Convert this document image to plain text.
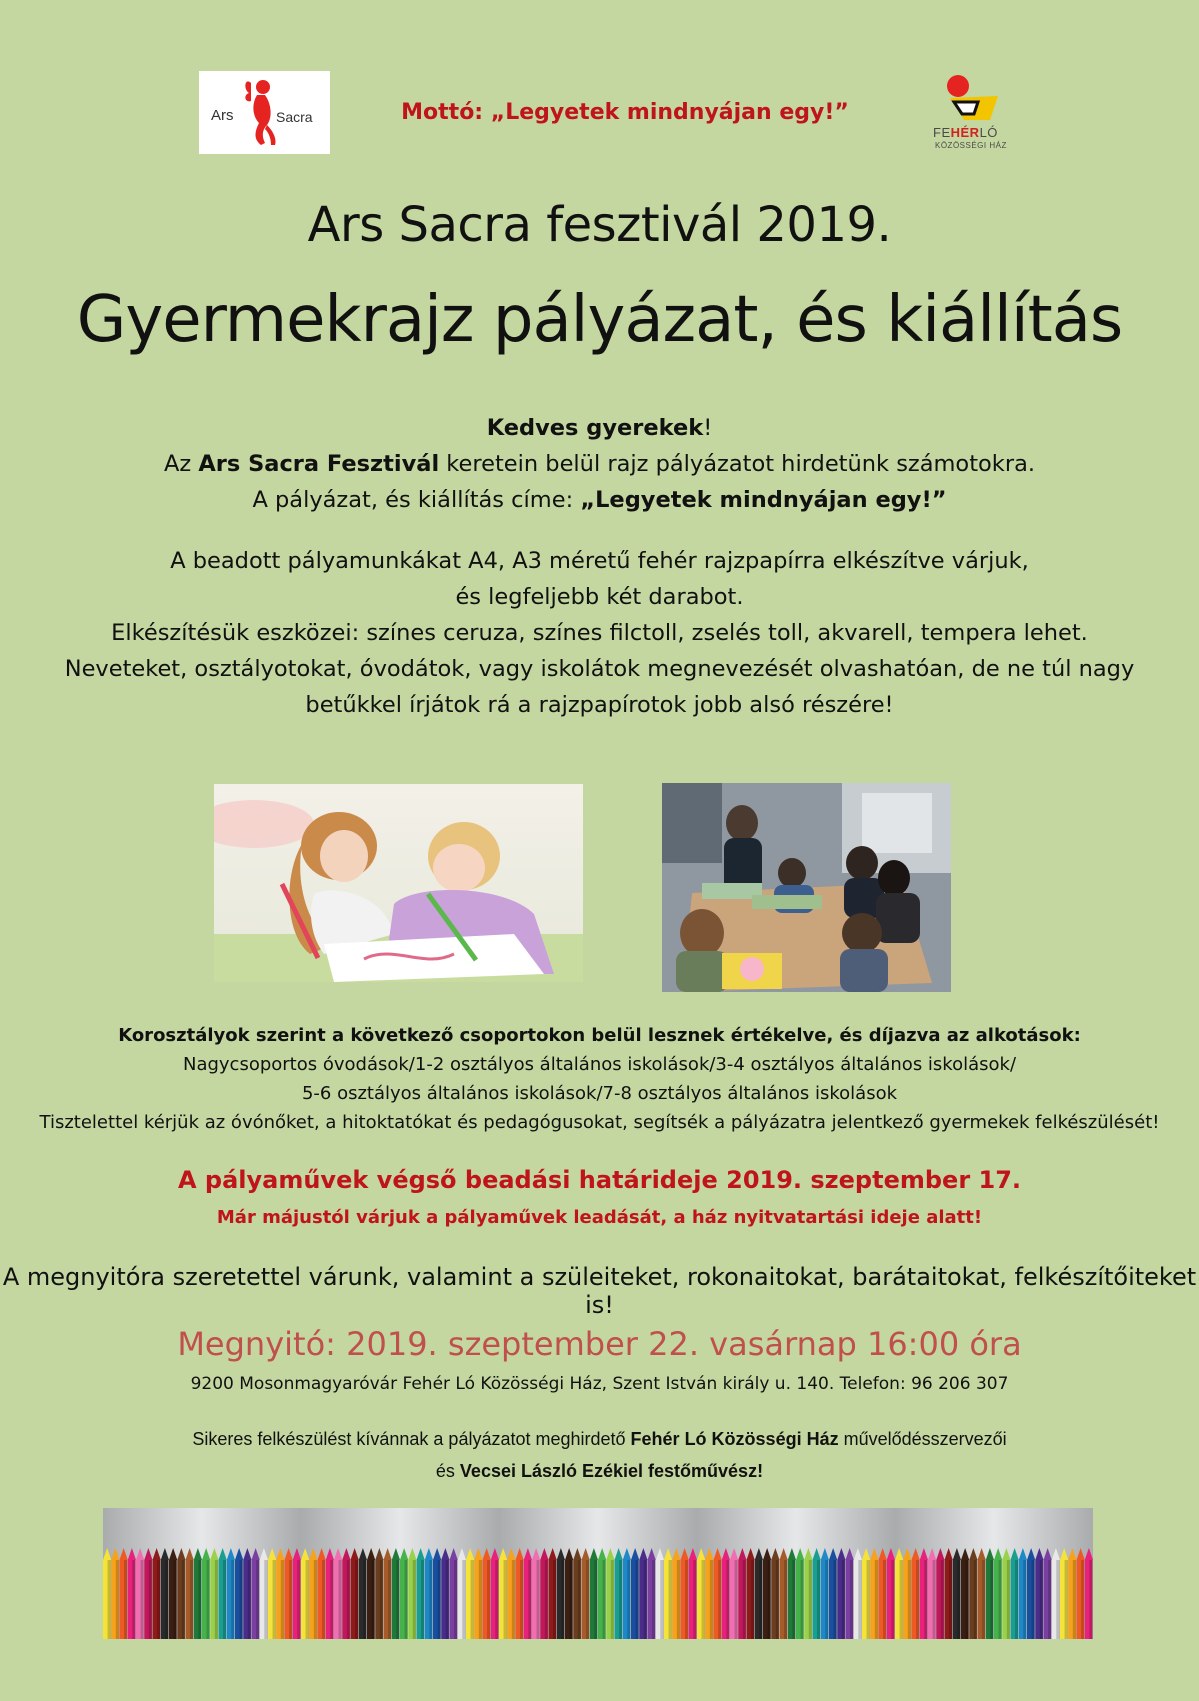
Ars	Sacra	Mottó: „Legyetek mindnyájan egy!”
FEHÉRLÓ
KÖZÖSSÉGI HÁZ
Ars Sacra fesztivál 2019.
Gyermekrajz pályázat, és kiállítás
Kedves gyerekek!
Az Ars Sacra Fesztivál keretein belül rajz pályázatot hirdetünk számotokra.
A pályázat, és kiállítás címe: „Legyetek mindnyájan egy!”
A beadott pályamunkákat A4, A3 méretű fehér rajzpapírra elkészítve várjuk,
és legfeljebb két darabot.
Elkészítésük eszközei: színes ceruza, színes filctoll, zselés toll, akvarell, tempera lehet.
Neveteket, osztályotokat, óvodátok, vagy iskolátok megnevezését olvashatóan, de ne túl nagy
betűkkel írjátok rá a rajzpapírotok jobb alsó részére!
Korosztályok szerint a következő csoportokon belül lesznek értékelve, és díjazva az alkotások:
Nagycsoportos óvodások/1-2 osztályos általános iskolások/3-4 osztályos általános iskolások/
5-6 osztályos általános iskolások/7-8 osztályos általános iskolások
Tisztelettel kérjük az óvónőket, a hitoktatókat és pedagógusokat, segítsék a pályázatra jelentkező gyermekek felkészülését!
A pályaművek végső beadási határideje 2019. szeptember 17.
Már májustól várjuk a pályaművek leadását, a ház nyitvatartási ideje alatt!
A megnyitóra szeretettel várunk, valamint a szüleiteket, rokonaitokat, barátaitokat, felkészítőiteket is!
Megnyitó: 2019. szeptember 22. vasárnap 16:00 óra
9200 Mosonmagyaróvár Fehér Ló Közösségi Ház, Szent István király u. 140. Telefon: 96 206 307
Sikeres felkészülést kívánnak a pályázatot meghirdető Fehér Ló Közösségi Ház művelődésszervezői
és Vecsei László Ezékiel festőművész!
